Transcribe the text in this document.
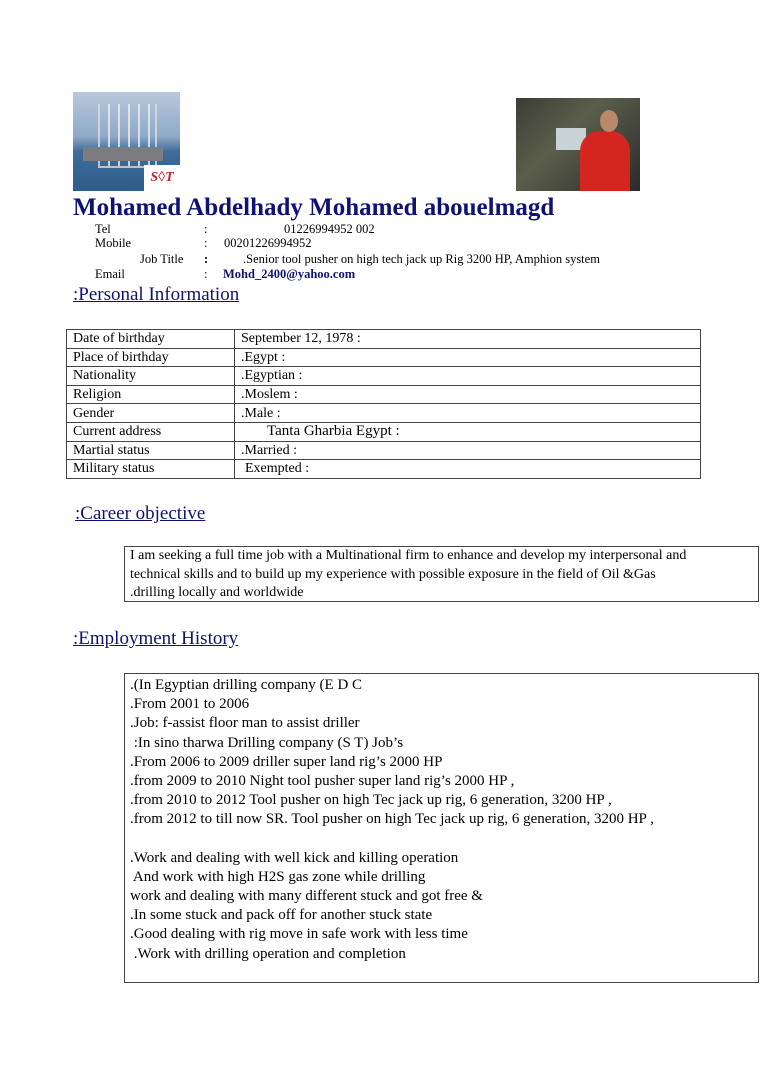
S◊T
Mohamed Abdelhady Mohamed abouelmagd
Tel	:	01226994952 002
Mobile	: 00201226994952
Job Title :	.Senior tool pusher on high tech jack up Rig 3200 HP, Amphion system
Email	: Mohd_2400@yahoo.com
:Personal Information
Date of birthday	September 12, 1978 :
Place of birthday	.Egypt :
Nationality	.Egyptian :
Religion	.Moslem :
Gender	.Male :
Current address	Tanta Gharbia Egypt :
Martial status	.Married :
Military status	Exempted :
:Career objective
I am seeking a full time job with a Multinational firm to enhance and develop my interpersonal and
technical skills and to build up my experience with possible exposure in the field of Oil &Gas
.drilling locally and worldwide
:Employment History
.(In Egyptian drilling company (E D C
.From 2001 to 2006
.Job: f-assist floor man to assist driller
:In sino tharwa Drilling company (S T) Job’s
.From 2006 to 2009 driller super land rig’s 2000 HP
.from 2009 to 2010 Night tool pusher super land rig’s 2000 HP ,
.from 2010 to 2012 Tool pusher on high Tec jack up rig, 6 generation, 3200 HP ,
.from 2012 to till now SR. Tool pusher on high Tec jack up rig, 6 generation, 3200 HP ,
.Work and dealing with well kick and killing operation
And work with high H2S gas zone while drilling
work and dealing with many different stuck and got free &
.In some stuck and pack off for another stuck state
.Good dealing with rig move in safe work with less time
.Work with drilling operation and completion
